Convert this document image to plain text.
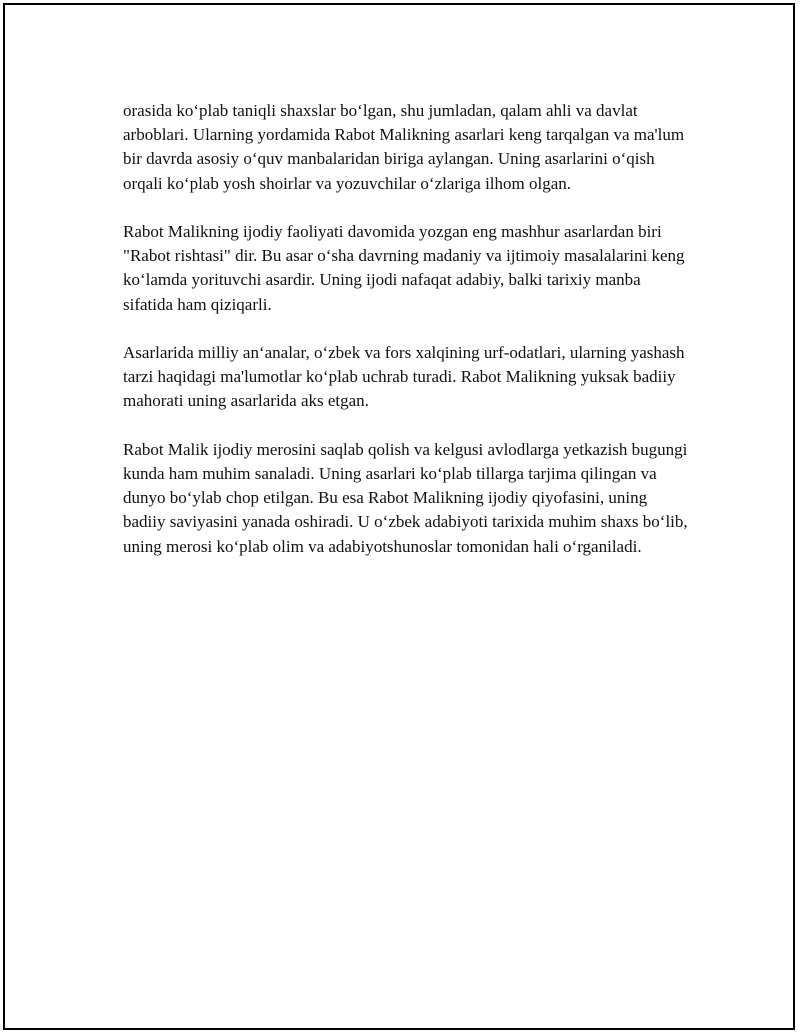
orasida ko‘plab taniqli shaxslar bo‘lgan, shu jumladan, qalam ahli va davlat arboblari. Ularning yordamida Rabot Malikning asarlari keng tarqalgan va ma'lum bir davrda asosiy o‘quv manbalaridan biriga aylangan. Uning asarlarini o‘qish orqali ko‘plab yosh shoirlar va yozuvchilar o‘zlariga ilhom olgan.

Rabot Malikning ijodiy faoliyati davomida yozgan eng mashhur asarlardan biri "Rabot rishtasi" dir. Bu asar o‘sha davrning madaniy va ijtimoiy masalalarini keng ko‘lamda yorituvchi asardir. Uning ijodi nafaqat adabiy, balki tarixiy manba sifatida ham qiziqarli.

Asarlarida milliy an‘analar, o‘zbek va fors xalqining urf-odatlari, ularning yashash tarzi haqidagi ma'lumotlar ko‘plab uchrab turadi. Rabot Malikning yuksak badiiy mahorati uning asarlarida aks etgan.

Rabot Malik ijodiy merosini saqlab qolish va kelgusi avlodlarga yetkazish bugungi kunda ham muhim sanaladi. Uning asarlari ko‘plab tillarga tarjima qilingan va dunyo bo‘ylab chop etilgan. Bu esa Rabot Malikning ijodiy qiyofasini, uning badiiy saviyasini yanada oshiradi. U o‘zbek adabiyoti tarixida muhim shaxs bo‘lib, uning merosi ko‘plab olim va adabiyotshunoslar tomonidan hali o‘rganiladi.
